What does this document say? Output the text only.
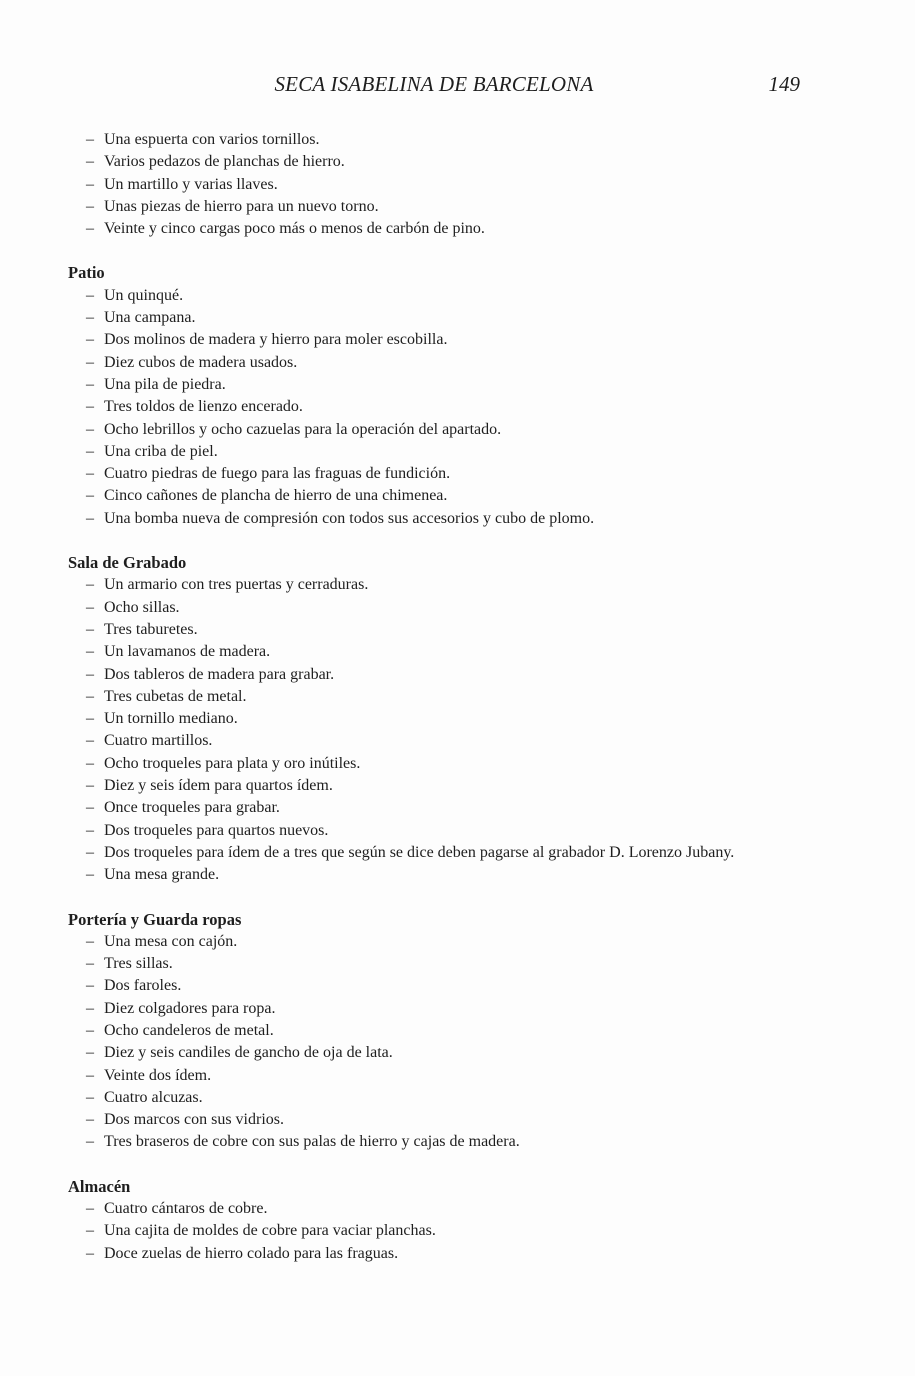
SECA ISABELINA DE BARCELONA	149
– Una espuerta con varios tornillos.
– Varios pedazos de planchas de hierro.
– Un martillo y varias llaves.
– Unas piezas de hierro para un nuevo torno.
– Veinte y cinco cargas poco más o menos de carbón de pino.
Patio
– Un quinqué.
– Una campana.
– Dos molinos de madera y hierro para moler escobilla.
– Diez cubos de madera usados.
– Una pila de piedra.
– Tres toldos de lienzo encerado.
– Ocho lebrillos y ocho cazuelas para la operación del apartado.
– Una criba de piel.
– Cuatro piedras de fuego para las fraguas de fundición.
– Cinco cañones de plancha de hierro de una chimenea.
– Una bomba nueva de compresión con todos sus accesorios y cubo de plomo.
Sala de Grabado
– Un armario con tres puertas y cerraduras.
– Ocho sillas.
– Tres taburetes.
– Un lavamanos de madera.
– Dos tableros de madera para grabar.
– Tres cubetas de metal.
– Un tornillo mediano.
– Cuatro martillos.
– Ocho troqueles para plata y oro inútiles.
– Diez y seis ídem para quartos ídem.
– Once troqueles para grabar.
– Dos troqueles para quartos nuevos.
– Dos troqueles para ídem de a tres que según se dice deben pagarse al grabador D. Lorenzo Jubany.
– Una mesa grande.
Portería y Guarda ropas
– Una mesa con cajón.
– Tres sillas.
– Dos faroles.
– Diez colgadores para ropa.
– Ocho candeleros de metal.
– Diez y seis candiles de gancho de oja de lata.
– Veinte dos ídem.
– Cuatro alcuzas.
– Dos marcos con sus vidrios.
– Tres braseros de cobre con sus palas de hierro y cajas de madera.
Almacén
– Cuatro cántaros de cobre.
– Una cajita de moldes de cobre para vaciar planchas.
– Doce zuelas de hierro colado para las fraguas.
